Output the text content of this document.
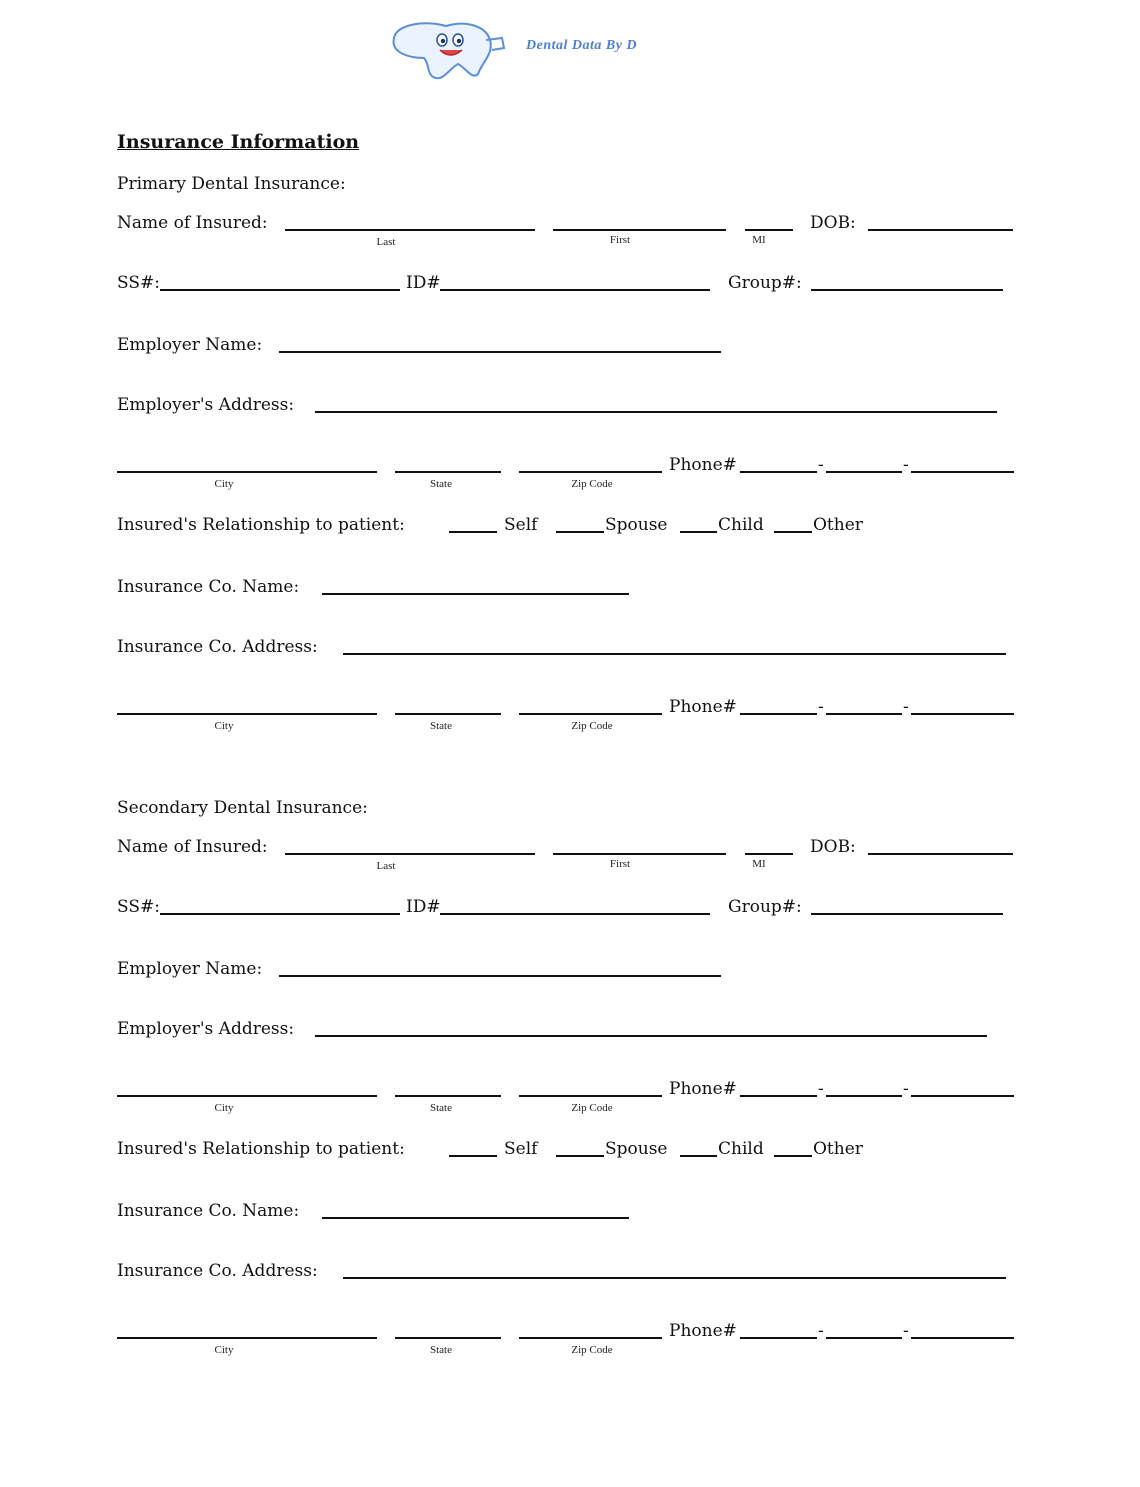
Dental Data By D
Insurance Information
Primary Dental Insurance:
Name of Insured:	DOB:
Last	First	MI
SS#:	ID#	Group#:
Employer Name:
Employer's Address:
Phone#	-	-
City	State	Zip Code
Insured's Relationship to patient:	Self	Spouse	Child	Other
Insurance Co. Name:
Insurance Co. Address:
Phone#	-	-
City	State	Zip Code
Secondary Dental Insurance:
Name of Insured:	DOB:
Last	First	MI
SS#:	ID#	Group#:
Employer Name:
Employer's Address:
Phone#	-	-
City	State	Zip Code
Insured's Relationship to patient:	Self	Spouse	Child	Other
Insurance Co. Name:
Insurance Co. Address:
Phone#	-	-
City	State	Zip Code
